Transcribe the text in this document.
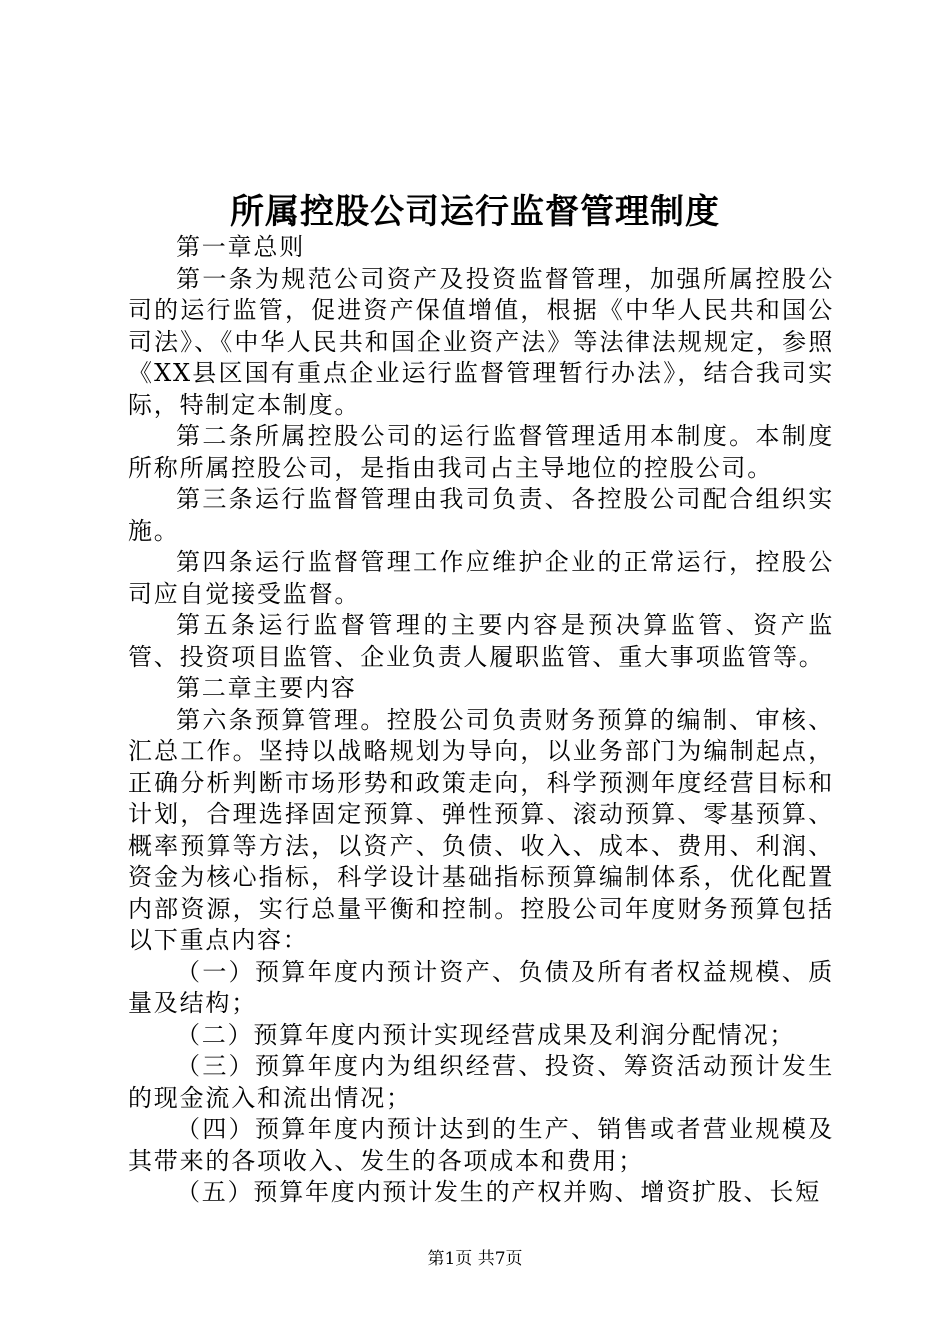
所属控股公司运行监督管理制度

第一章总则

第一条为规范公司资产及投资监督管理，加强所属控股公司的运行监管，促进资产保值增值，根据《中华人民共和国公司法》、《中华人民共和国企业资产法》等法律法规规定，参照《XX县区国有重点企业运行监督管理暂行办法》，结合我司实际，特制定本制度。

第二条所属控股公司的运行监督管理适用本制度。本制度所称所属控股公司，是指由我司占主导地位的控股公司。

第三条运行监督管理由我司负责、各控股公司配合组织实施。

第四条运行监督管理工作应维护企业的正常运行，控股公司应自觉接受监督。

第五条运行监督管理的主要内容是预决算监管、资产监管、投资项目监管、企业负责人履职监管、重大事项监管等。

第二章主要内容

第六条预算管理。控股公司负责财务预算的编制、审核、汇总工作。坚持以战略规划为导向，以业务部门为编制起点，正确分析判断市场形势和政策走向，科学预测年度经营目标和计划，合理选择固定预算、弹性预算、滚动预算、零基预算、概率预算等方法，以资产、负债、收入、成本、费用、利润、资金为核心指标，科学设计基础指标预算编制体系，优化配置内部资源，实行总量平衡和控制。控股公司年度财务预算包括以下重点内容：

（一）预算年度内预计资产、负债及所有者权益规模、质量及结构；

（二）预算年度内预计实现经营成果及利润分配情况；

（三）预算年度内为组织经营、投资、筹资活动预计发生的现金流入和流出情况；

（四）预算年度内预计达到的生产、销售或者营业规模及其带来的各项收入、发生的各项成本和费用；

（五）预算年度内预计发生的产权并购、增资扩股、长短

第1页 共7页
